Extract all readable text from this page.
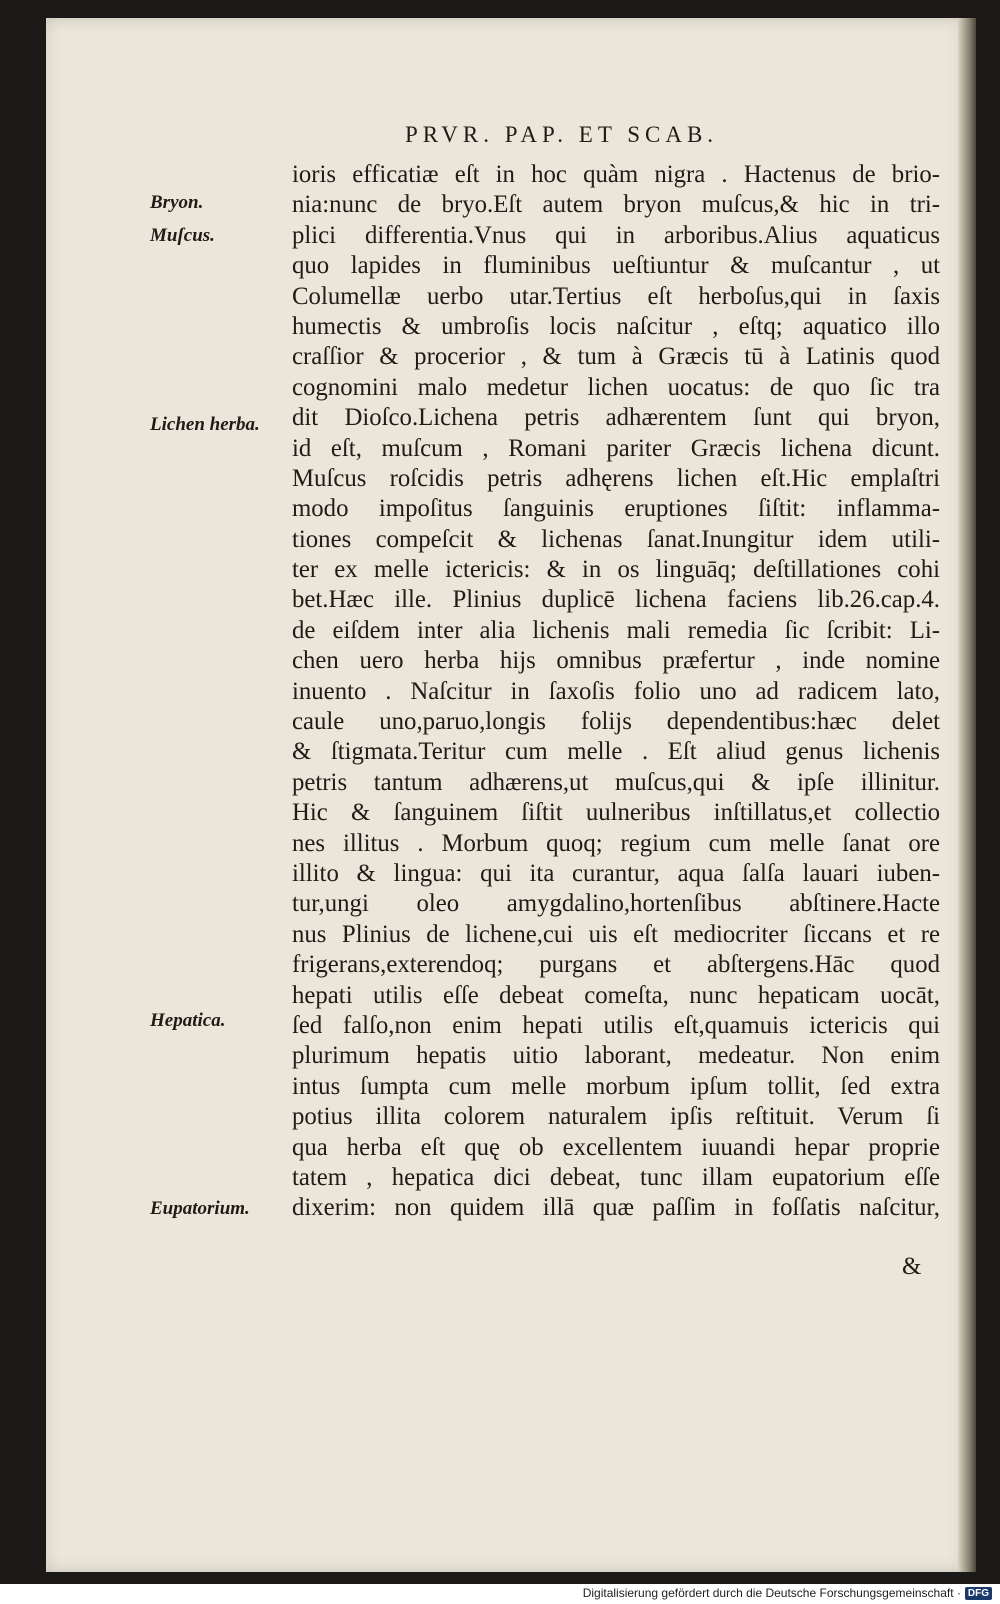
PRVR. PAP. ET SCAB.
Bryon.
Muſcus.
Lichen herba.
Hepatica.
Eupatorium.
ioris efficatiæ eſt in hoc quàm nigra . Hactenus de brio-
nia:nunc de bryo.Eſt autem bryon muſcus,& hic in tri-
plici differentia.Vnus qui in arboribus.Alius aquaticus
quo lapides in fluminibus ueſtiuntur & muſcantur , ut
Columellæ uerbo utar.Tertius eſt herboſus,qui in ſaxis
humectis & umbroſis locis naſcitur , eſtq; aquatico illo
craſſior & procerior , & tum à Græcis tū à Latinis quod
cognomini malo medetur lichen uocatus: de quo ſic tra
dit Dioſco.Lichena petris adhærentem ſunt qui bryon,
id eſt, muſcum , Romani pariter Græcis lichena dicunt.
Muſcus roſcidis petris adhęrens lichen eſt.Hic emplaſtri
modo impoſitus ſanguinis eruptiones ſiſtit: inflamma-
tiones compeſcit & lichenas ſanat.Inungitur idem utili-
ter ex melle ictericis: & in os linguāq; deſtillationes cohi
bet.Hæc ille. Plinius duplicē lichena faciens lib.26.cap.4.
de eiſdem inter alia lichenis mali remedia ſic ſcribit: Li-
chen uero herba hijs omnibus præfertur , inde nomine
inuento . Naſcitur in ſaxoſis folio uno ad radicem lato,
caule uno,paruo,longis folijs dependentibus:hæc delet
& ſtigmata.Teritur cum melle . Eſt aliud genus lichenis
petris tantum adhærens,ut muſcus,qui & ipſe illinitur.
Hic & ſanguinem ſiſtit uulneribus inſtillatus,et collectio
nes illitus . Morbum quoq; regium cum melle ſanat ore
illito & lingua: qui ita curantur, aqua ſalſa lauari iuben-
tur,ungi oleo amygdalino,hortenſibus abſtinere.Hacte
nus Plinius de lichene,cui uis eſt mediocriter ſiccans et re
frigerans,exterendoq; purgans et abſtergens.Hāc quod
hepati utilis eſſe debeat comeſta, nunc hepaticam uocāt,
ſed falſo,non enim hepati utilis eſt,quamuis ictericis qui
plurimum hepatis uitio laborant, medeatur. Non enim
intus ſumpta cum melle morbum ipſum tollit, ſed extra
potius illita colorem naturalem ipſis reſtituit. Verum ſi
qua herba eſt quę ob excellentem iuuandi hepar proprie
tatem , hepatica dici debeat, tunc illam eupatorium eſſe
dixerim: non quidem illā quæ paſſim in foſſatis naſcitur,
&
Digitalisierung gefördert durch die Deutsche Forschungsgemeinschaft · DFG
